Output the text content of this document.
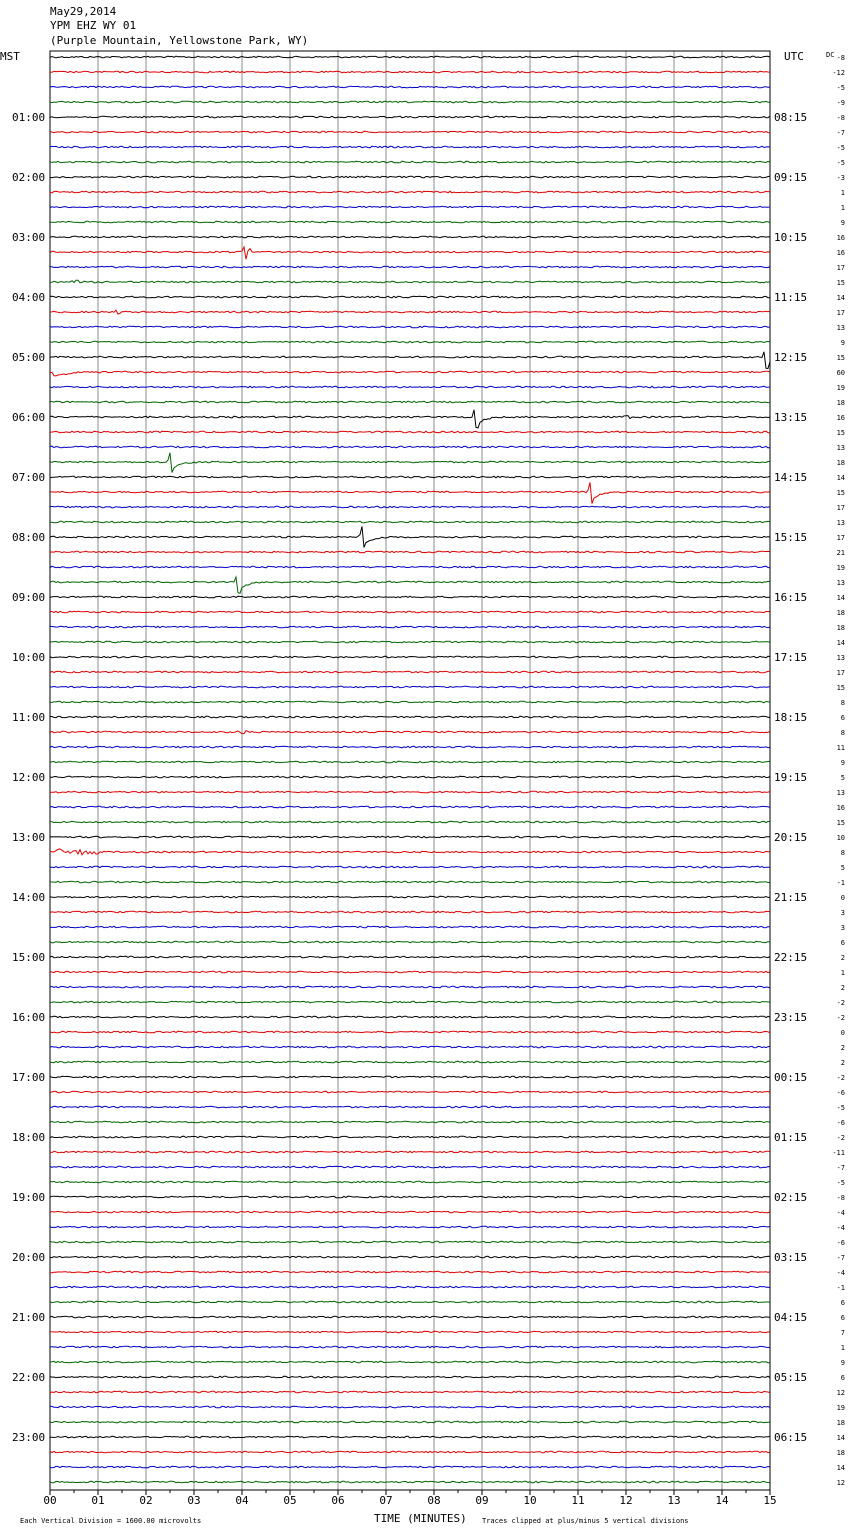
01:00
02:00
03:00
04:00
05:00
06:00
07:00
08:00
09:00
10:00
11:00
12:00
13:00
14:00
15:00
16:00
17:00
18:00
19:00
20:00
21:00
22:00
23:00
08:15
09:15
10:15
11:15
12:15
13:15
14:15
15:15
16:15
17:15
18:15
19:15
20:15
21:15
22:15
23:15
00:15
01:15
02:15
03:15
04:15
05:15
06:15
-8
-12
-5
-9
-8
-7
-5
-5
-3
1
1
9
16
16
17
15
14
17
13
9
15
60
19
18
16
15
13
18
14
15
17
13
17
21
19
13
14
18
18
14
13
17
15
8
6
8
11
9
5
13
16
15
10
8
5
-1
0
3
3
6
2
1
2
-2
-2
0
2
2
-2
-6
-5
-6
-2
-11
-7
-5
-8
-4
-4
-6
-7
-4
-1
6
6
7
1
9
6
12
19
18
14
18
14
12
00	01	02	03	04	05	06	07	08	09	10	11	12	13	14	15
MST	UTC	DC
TIME (MINUTES)
Each Vertical Division = 1600.00 microvolts	Traces clipped at plus/minus 5 vertical divisions
May29,2014
YPM EHZ WY 01
(Purple Mountain, Yellowstone Park, WY)
